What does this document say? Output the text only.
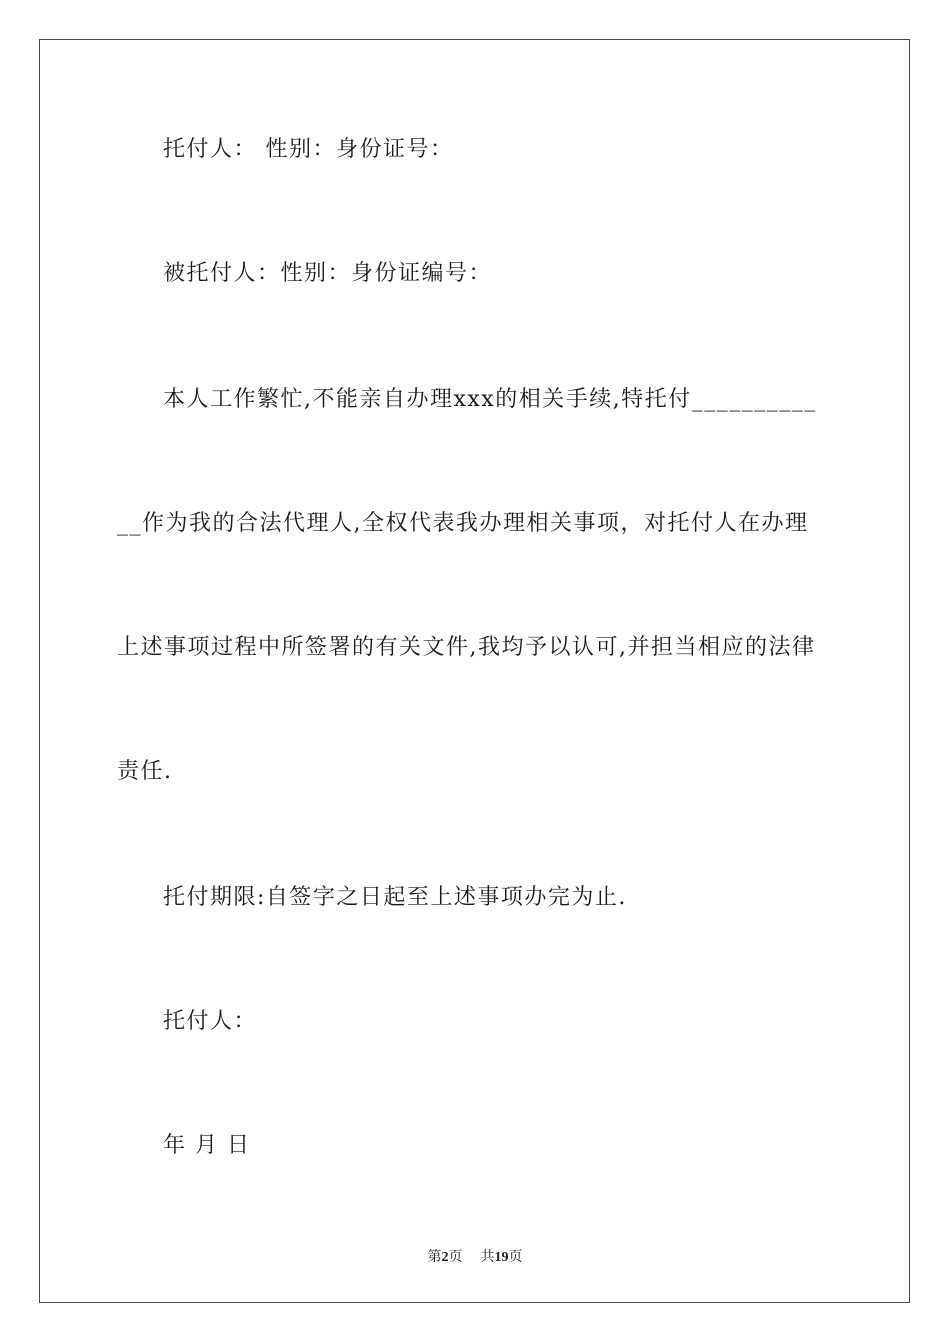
托付人： 性别：身份证号：
被托付人：性别：身份证编号：
本人工作繁忙,不能亲自办理xxx的相关手续,特托付__________
__作为我的合法代理人,全权代表我办理相关事项，对托付人在办理
上述事项过程中所签署的有关文件,我均予以认可,并担当相应的法律
责任.
托付期限:自签字之日起至上述事项办完为止.
托付人：
年 月 日
第2页 共19页
